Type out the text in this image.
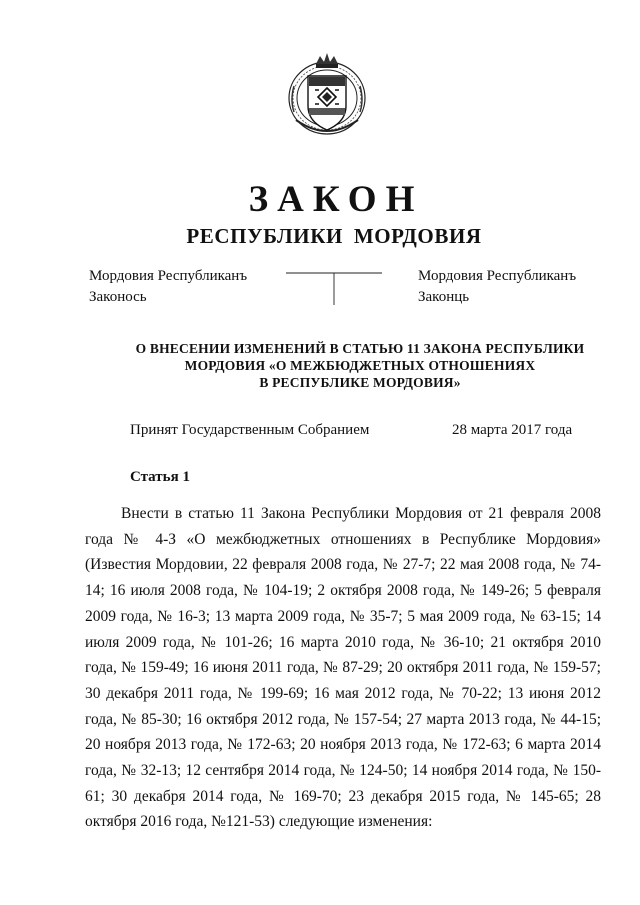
ЗАКОН
РЕСПУБЛИКИ МОРДОВИЯ
Мордовия Республиканъ
Законось
Мордовия Республиканъ
Законць
О ВНЕСЕНИИ ИЗМЕНЕНИЙ В СТАТЬЮ 11 ЗАКОНА РЕСПУБЛИКИ
МОРДОВИЯ «О МЕЖБЮДЖЕТНЫХ ОТНОШЕНИЯХ
В РЕСПУБЛИКЕ МОРДОВИЯ»
Принят Государственным Собранием	28 марта 2017 года
Статья 1

Внести в статью 11 Закона Республики Мордовия от 21 февраля 2008 года № 4-З «О межбюджетных отношениях в Республике Мордовия» (Известия Мордовии, 22 февраля 2008 года, № 27-7; 22 мая 2008 года, № 74-14; 16 июля 2008 года, № 104-19; 2 октября 2008 года, № 149-26; 5 февраля 2009 года, № 16-3; 13 марта 2009 года, № 35-7; 5 мая 2009 года, № 63-15; 14 июля 2009 года, № 101-26; 16 марта 2010 года, № 36-10; 21 октября 2010 года, № 159-49; 16 июня 2011 года, № 87-29; 20 октября 2011 года, № 159-57; 30 декабря 2011 года, № 199-69; 16 мая 2012 года, № 70-22; 13 июня 2012 года, № 85-30; 16 октября 2012 года, № 157-54; 27 марта 2013 года, № 44-15; 20 ноября 2013 года, № 172-63; 20 ноября 2013 года, № 172-63; 6 марта 2014 года, № 32-13; 12 сентября 2014 года, № 124-50; 14 ноября 2014 года, № 150-61; 30 декабря 2014 года, № 169-70; 23 декабря 2015 года, № 145-65; 28 октября 2016 года, №121-53) следующие изменения:
